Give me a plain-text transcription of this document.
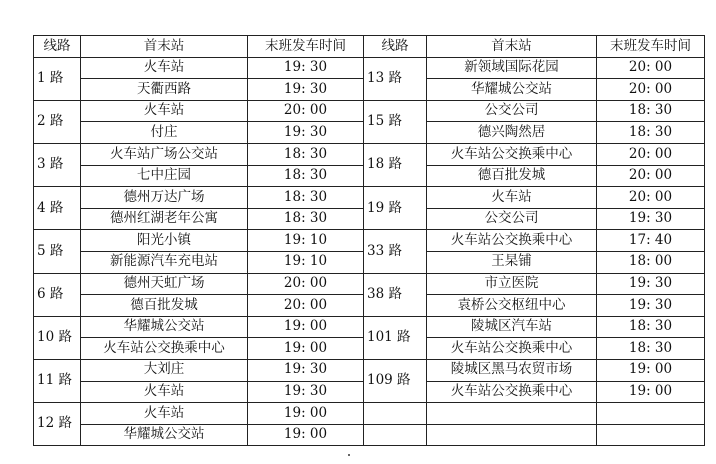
线路	首末站	末班发车时间	线路	首末站	末班发车时间
1 路	火车站	19: 30	13 路	新领域国际花园	20: 00
	天衢西路	19: 30		华耀城公交站	20: 00
2 路	火车站	20: 00	15 路	公交公司	18: 30
	付庄	19: 30		德兴陶然居	18: 30
3 路	火车站广场公交站	18: 30	18 路	火车站公交换乘中心	20: 00
	七中庄园	18: 30		德百批发城	20: 00
4 路	德州万达广场	18: 30	19 路	火车站	20: 00
	德州红湖老年公寓	18: 30		公交公司	19: 30
5 路	阳光小镇	19: 10	33 路	火车站公交换乘中心	17: 40
	新能源汽车充电站	19: 10		王杲铺	18: 00
6 路	德州天虹广场	20: 00	38 路	市立医院	19: 30
	德百批发城	20: 00		袁桥公交枢纽中心	19: 30
10 路	华耀城公交站	19: 00	101 路	陵城区汽车站	18: 30
	火车站公交换乘中心	19: 00		火车站公交换乘中心	18: 30
11 路	大刘庄	19: 30	109 路	陵城区黑马农贸市场	19: 00
	火车站	19: 30		火车站公交换乘中心	19: 00
12 路	火车站	19: 00			
	华耀城公交站	19: 00			
